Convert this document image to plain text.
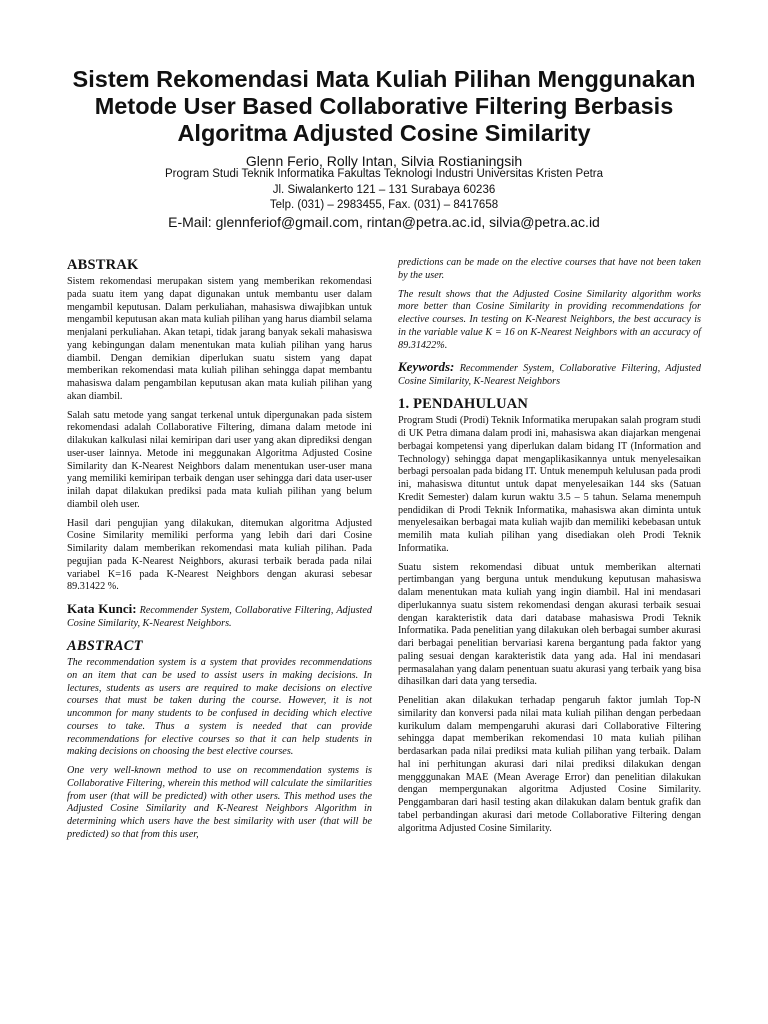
Sistem Rekomendasi Mata Kuliah Pilihan Menggunakan
Metode User Based Collaborative Filtering Berbasis
Algoritma Adjusted Cosine Similarity
Glenn Ferio, Rolly Intan, Silvia Rostianingsih
Program Studi Teknik Informatika Fakultas Teknologi Industri Universitas Kristen Petra
Jl. Siwalankerto 121 – 131 Surabaya 60236
Telp. (031) – 2983455, Fax. (031) – 8417658
E-Mail: glennferiof@gmail.com, rintan@petra.ac.id, silvia@petra.ac.id
ABSTRAK

Sistem rekomendasi merupakan sistem yang memberikan rekomendasi pada suatu item yang dapat digunakan untuk membantu user dalam mengambil keputusan. Dalam perkuliahan, mahasiswa diwajibkan untuk mengambil keputusan akan mata kuliah pilihan yang harus diambil selama menjalani perkuliahan. Akan tetapi, tidak jarang banyak sekali mahasiswa yang kebingungan dalam menentukan mata kuliah pilihan yang harus diambil. Dengan demikian diperlukan suatu sistem yang dapat memberikan rekomendasi mata kuliah pilihan sehingga dapat membantu mahasiswa dalam pengambilan keputusan akan mata kuliah pilihan yang akan diambil.

Salah satu metode yang sangat terkenal untuk dipergunakan pada sistem rekomendasi adalah Collaborative Filtering, dimana dalam metode ini dilakukan kalkulasi nilai kemiripan dari user yang akan diprediksi dengan user-user lainnya. Metode ini meggunakan Algoritma Adjusted Cosine Similarity dan K-Nearest Neighbors dalam menentukan user-user mana yang memiliki kemiripan terbaik dengan user sehingga dari data user-user inilah dapat dilakukan prediksi pada mata kuliah pilihan yang belum diambil oleh user.

Hasil dari pengujian yang dilakukan, ditemukan algoritma Adjusted Cosine Similarity memiliki performa yang lebih dari dari Cosine Similarity dalam memberikan rekomendasi mata kuliah pilihan. Pada pegujian pada K-Nearest Neighbors, akurasi terbaik berada pada nilai variabel K=16 pada K-Nearest Neighbors dengan akurasi sebesar 89.31422 %.

Kata Kunci: Recommender System, Collaborative Filtering, Adjusted Cosine Similarity, K-Nearest Neighbors.

ABSTRACT

The recommendation system is a system that provides recommendations on an item that can be used to assist users in making decisions. In lectures, students as users are required to make decisions on elective courses that must be taken during the course. However, it is not uncommon for many students to be confused in deciding which elective courses to take. Thus a system is needed that can provide recommendations for elective courses so that it can help students in making decisions on choosing the best elective courses.

One very well-known method to use on recommendation systems is Collaborative Filtering, wherein this method will calculate the similarities from user (that will be predicted) with other users. This method uses the Adjusted Cosine Similarity and K-Nearest Neighbors Algorithm in determining which users have the best similarity with user (that will be predicted) so that from this user,

predictions can be made on the elective courses that have not been taken by the user.

The result shows that the Adjusted Cosine Similarity algorithm works more better than Cosine Similarity in providing recommendations for elective courses. In testing on K-Nearest Neighbors, the best accuracy is in the variable value K = 16 on K-Nearest Neighbors with an accuracy of 89.31422%.

Keywords: Recommender System, Collaborative Filtering, Adjusted Cosine Similarity, K-Nearest Neighbors

1. PENDAHULUAN

Program Studi (Prodi) Teknik Informatika merupakan salah program studi di UK Petra dimana dalam prodi ini, mahasiswa akan diajarkan mengenai berbagai kompetensi yang diperlukan dalam bidang IT (Information and Technology) sehingga dapat mengaplikasikannya untuk menyelesaikan berbagi persoalan pada bidang IT. Untuk menempuh kelulusan pada prodi ini, mahasiswa dituntut untuk dapat menyelesaikan 144 sks (Satuan Kredit Semester) dalam kurun waktu 3.5 – 5 tahun. Selama menempuh pendidikan di Prodi Teknik Informatika, mahasiswa akan diminta untuk menyelesaikan berbagai mata kuliah wajib dan memiliki kebebasan untuk memilih mata kuliah pilihan yang disediakan oleh Prodi Teknik Informatika.

Suatu sistem rekomendasi dibuat untuk memberikan alternati pertimbangan yang berguna untuk mendukung keputusan mahasiswa dalam menentukan mata kuliah yang ingin diambil. Hal ini mendasari diperlukannya suatu sistem rekomendasi dengan akurasi terbaik sesuai dengan karakteristik data dari database mahasiswa Prodi Teknik Informatika. Pada penelitian yang dilakukan oleh berbagai sumber akurasi dari berbagai penelitian bervariasi karena bergantung pada faktor yang paling sesuai dengan karakteristik data yang ada. Hal ini mendasari permasalahan yang dalam penentuan suatu akurasi yang terbaik yang bisa dihasilkan dari data yang tersedia.

Penelitian akan dilakukan terhadap pengaruh faktor jumlah Top-N similarity dan konversi pada nilai mata kuliah pilihan dengan perbedaan kurikulum dalam mempengaruhi akurasi dari Collaborative Filtering sehingga dapat memberikan rekomendasi 10 mata kuliah pilihan berdasarkan pada nilai prediksi mata kuliah pilihan yang terbaik. Dalam hal ini perhitungan akurasi dari nilai prediksi dilakukan dengan mengggunakan MAE (Mean Average Error) dan penelitian dilakukan dengan mempergunakan algoritma Adjusted Cosine Similarity. Penggambaran dari hasil testing akan dilakukan dalam bentuk grafik dan tabel perbandingan akurasi dari metode Collaborative Filtering dengan algoritma Adjusted Cosine Similarity.
